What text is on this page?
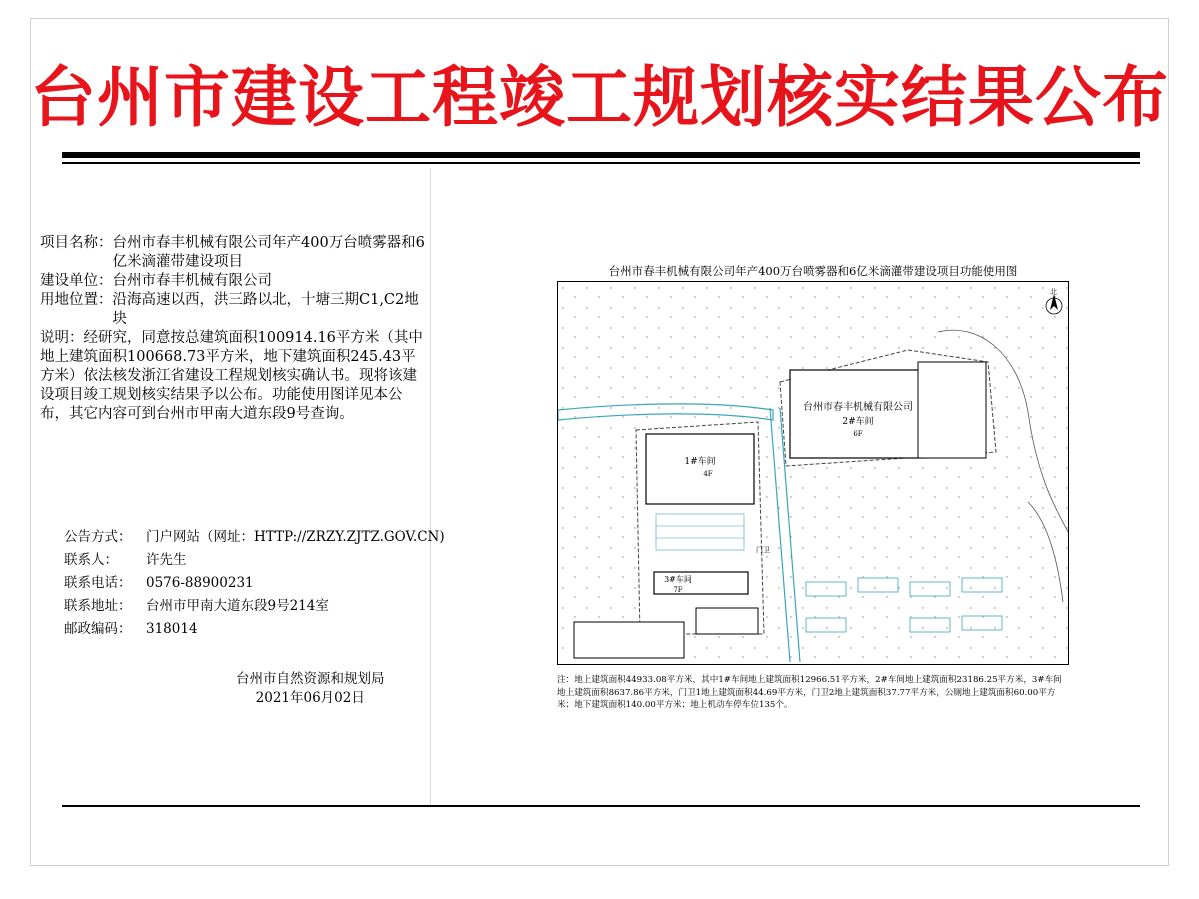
台州市建设工程竣工规划核实结果公布
项目名称： 台州市春丰机械有限公司年产400万台喷雾器和6亿米滴灌带建设项目
建设单位： 台州市春丰机械有限公司
用地位置： 沿海高速以西，洪三路以北，十塘三期C1,C2地块
说明：经研究，同意按总建筑面积100914.16平方米（其中地上建筑面积100668.73平方米，地下建筑面积245.43平方米）依法核发浙江省建设工程规划核实确认书。现将该建设项目竣工规划核实结果予以公布。功能使用图详见本公布，其它内容可到台州市甲南大道东段9号查询。
公告方式：	门户网站（网址：HTTP://ZRZY.ZJTZ.GOV.CN)
联系人：	许先生
联系电话：	0576-88900231
联系地址：	台州市甲南大道东段9号214室
邮政编码：	318014
台州市自然资源和规划局
2021年06月02日
台州市春丰机械有限公司年产400万台喷雾器和6亿米滴灌带建设项目功能使用图
北
台州市春丰机械有限公司
2#车间
6F
1#车间
4F
3#车间
7F
门卫
注：地上建筑面积44933.08平方米，其中1#车间地上建筑面积12966.51平方米，2#车间地上建筑面积23186.25平方米，3#车间地上建筑面积8637.86平方米，门卫1地上建筑面积44.69平方米，门卫2地上建筑面积37.77平方米，公厕地上建筑面积60.00平方米；地下建筑面积140.00平方米；地上机动车停车位135个。
